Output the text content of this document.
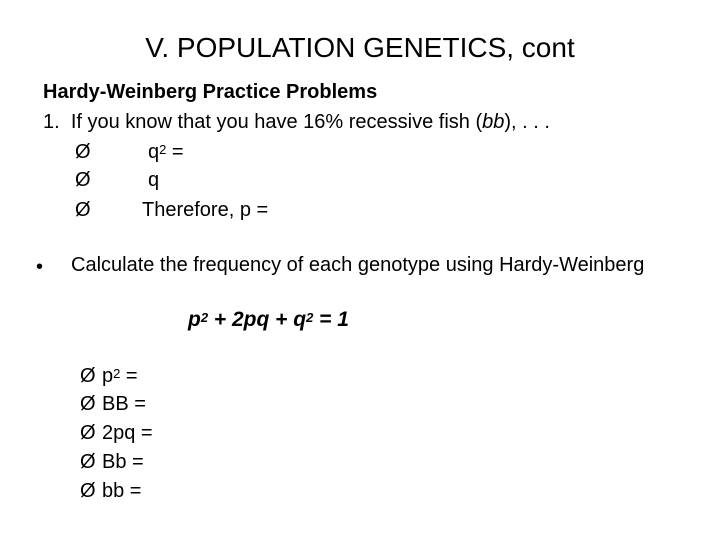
V. POPULATION GENETICS, cont
Hardy-Weinberg Practice Problems
1. If you know that you have 16% recessive fish (bb), . . .
Ø	$q^2$ =
Ø	q
Ø	Therefore, p =
• Calculate the frequency of each genotype using Hardy-Weinberg
$p^2 + 2pq + q^2 = 1$
Ø $p^2$ =
Ø BB =
Ø 2pq =
Ø Bb =
Ø bb =
